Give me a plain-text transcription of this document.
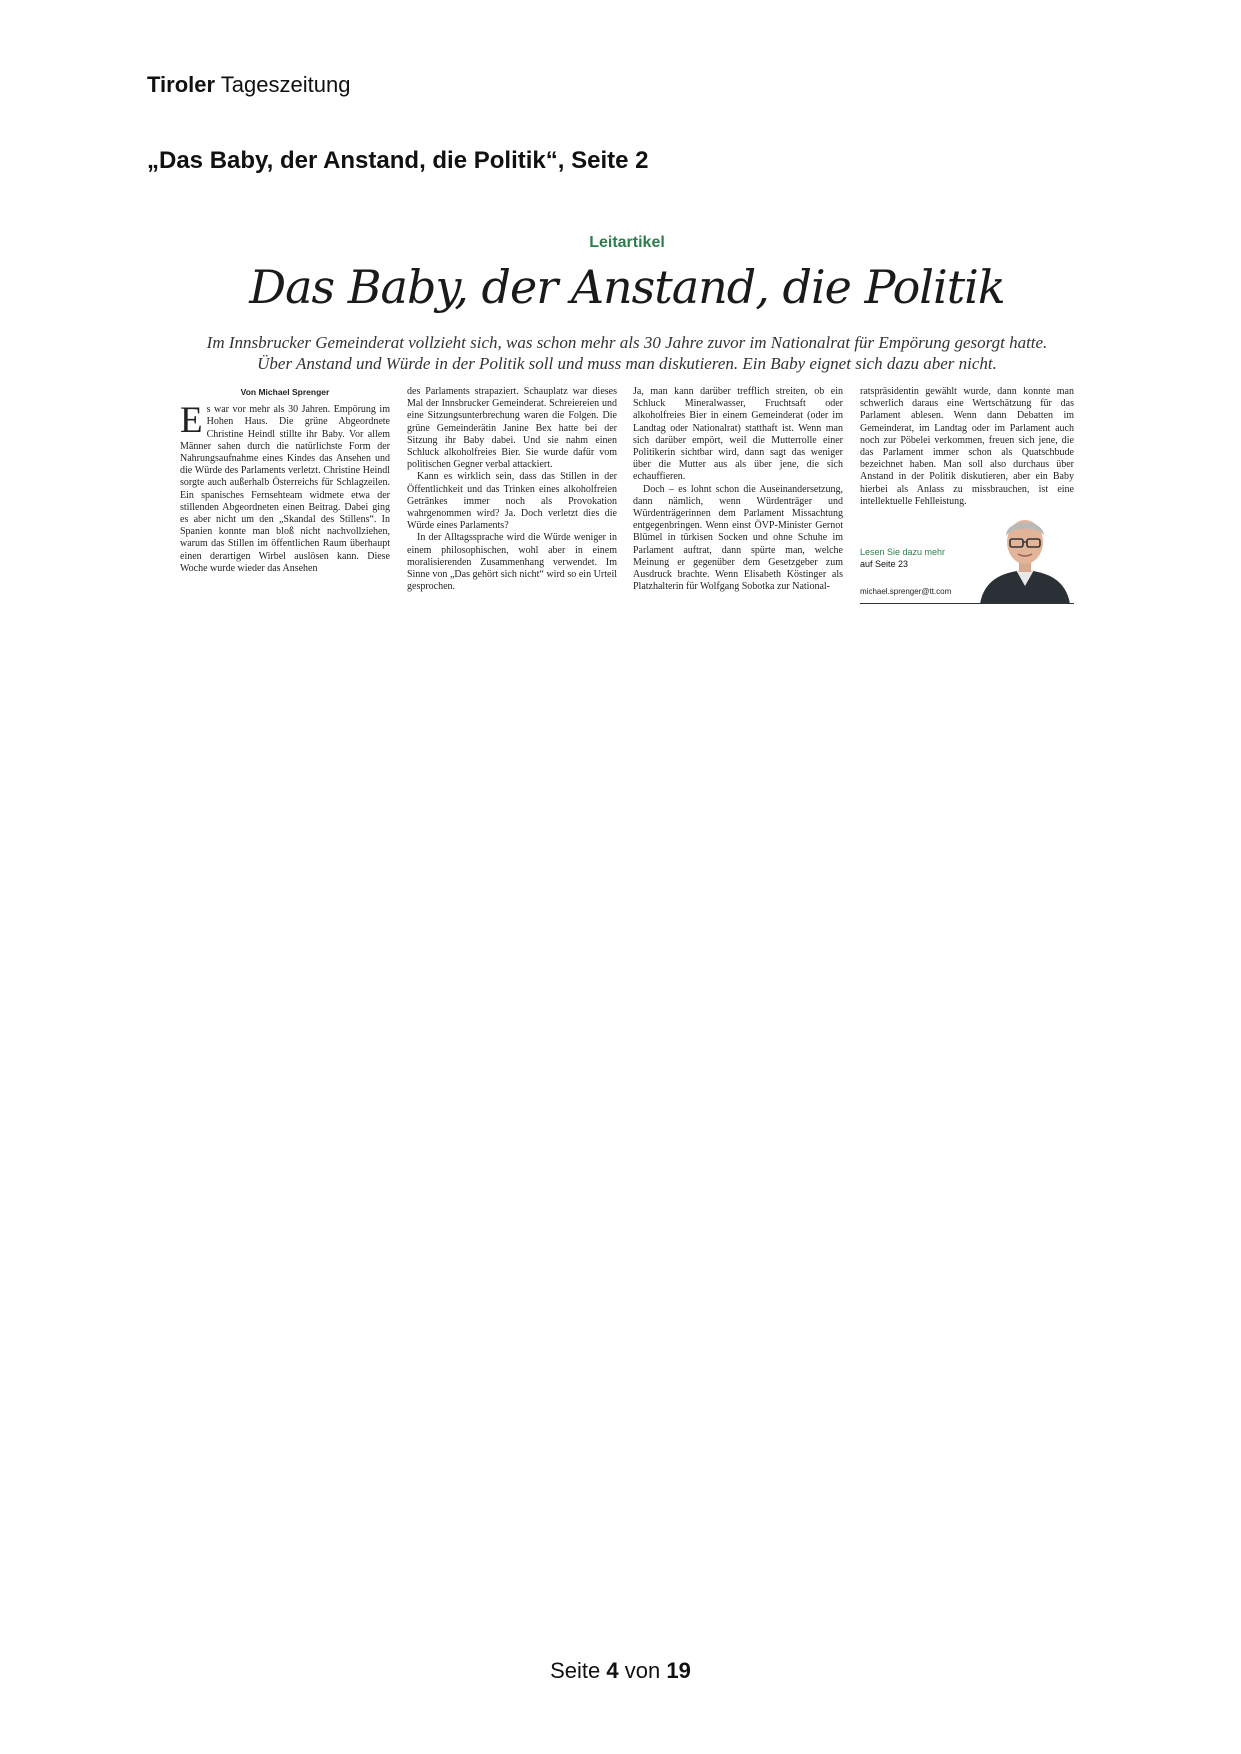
Tiroler Tageszeitung
„Das Baby, der Anstand, die Politik“, Seite 2
Leitartikel
Das Baby, der Anstand, die Politik
Im Innsbrucker Gemeinderat vollzieht sich, was schon mehr als 30 Jahre zuvor im Nationalrat für Empörung gesorgt hatte. Über Anstand und Würde in der Politik soll und muss man diskutieren. Ein Baby eignet sich dazu aber nicht.

Von Michael Sprenger

Es war vor mehr als 30 Jahren. Empörung im Hohen Haus. Die grüne Abgeordnete Christine Heindl stillte ihr Baby. Vor allem Männer sahen durch die natürlichste Form der Nahrungsaufnahme eines Kindes das Ansehen und die Würde des Parlaments verletzt. Christine Heindl sorgte auch außerhalb Österreichs für Schlagzeilen. Ein spanisches Fernsehteam widmete etwa der stillenden Abgeordneten einen Beitrag. Dabei ging es aber nicht um den „Skandal des Stillens“. In Spanien konnte man bloß nicht nachvollziehen, warum das Stillen im öffentlichen Raum überhaupt einen derartigen Wirbel auslösen kann. Diese Woche wurde wieder das Ansehen

des Parlaments strapaziert. Schauplatz war dieses Mal der Innsbrucker Gemeinderat. Schreiereien und eine Sitzungsunterbrechung waren die Folgen. Die grüne Gemeinderätin Janine Bex hatte bei der Sitzung ihr Baby dabei. Und sie nahm einen Schluck alkoholfreies Bier. Sie wurde dafür vom politischen Gegner verbal attackiert.

Kann es wirklich sein, dass das Stillen in der Öffentlichkeit und das Trinken eines alkoholfreien Getränkes immer noch als Provokation wahrgenommen wird? Ja. Doch verletzt dies die Würde eines Parlaments?

In der Alltagssprache wird die Würde weniger in einem philosophischen, wohl aber in einem moralisierenden Zusammenhang verwendet. Im Sinne von „Das gehört sich nicht“ wird so ein Urteil gesprochen.

Ja, man kann darüber trefflich streiten, ob ein Schluck Mineralwasser, Fruchtsaft oder alkoholfreies Bier in einem Gemeinderat (oder im Landtag oder Nationalrat) statthaft ist. Wenn man sich darüber empört, weil die Mutterrolle einer Politikerin sichtbar wird, dann sagt das weniger über die Mutter aus als über jene, die sich echauffieren.

Doch – es lohnt schon die Auseinandersetzung, dann nämlich, wenn Würdenträger und Würdenträgerinnen dem Parlament Missachtung entgegenbringen. Wenn einst ÖVP-Minister Gernot Blümel in türkisen Socken und ohne Schuhe im Parlament auftrat, dann spürte man, welche Meinung er gegenüber dem Gesetzgeber zum Ausdruck brachte. Wenn Elisabeth Köstinger als Platzhalterin für Wolfgang Sobotka zur National-

ratspräsidentin gewählt wurde, dann konnte man schwerlich daraus eine Wertschätzung für das Parlament ablesen. Wenn dann Debatten im Gemeinderat, im Landtag oder im Parlament auch noch zur Pöbelei verkommen, freuen sich jene, die das Parlament immer schon als Quatschbude bezeichnet haben. Man soll also durchaus über Anstand in der Politik diskutieren, aber ein Baby hierbei als Anlass zu missbrauchen, ist eine intellektuelle Fehlleistung.

Lesen Sie dazu mehr
auf Seite 23
michael.sprenger@tt.com
Seite 4 von 19
